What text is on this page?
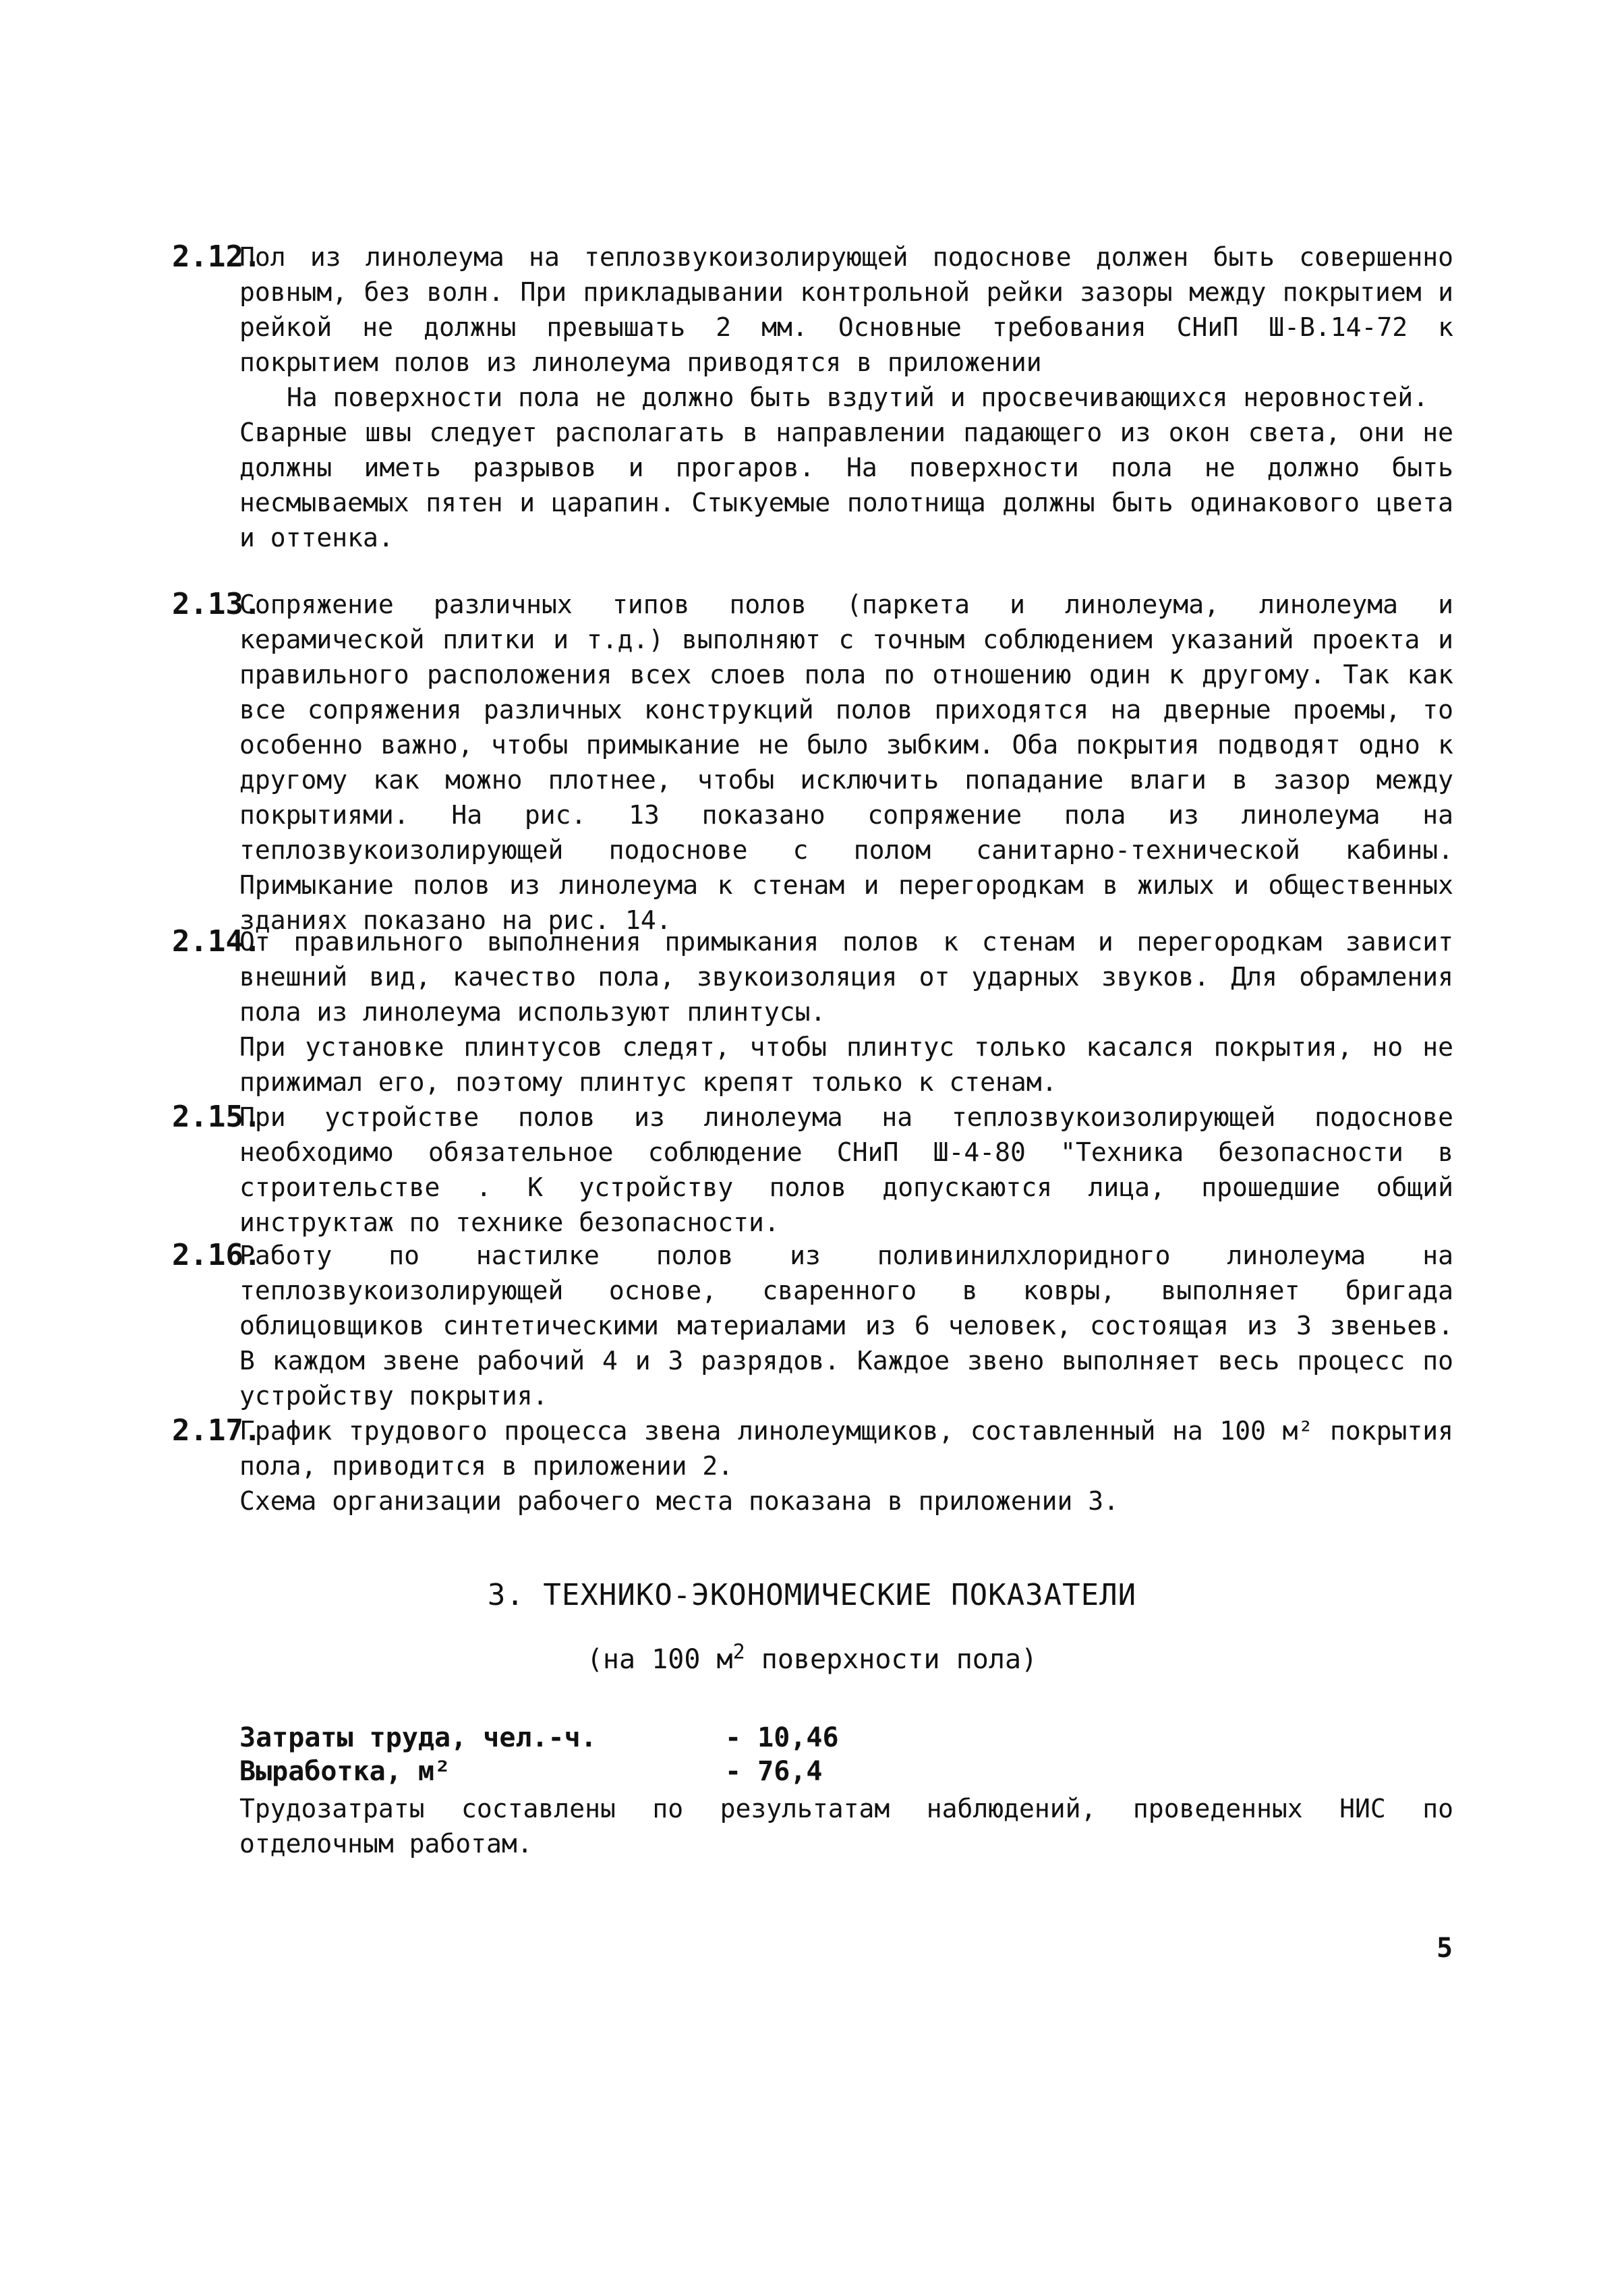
2.12.

Пол из линолеума на теплозвукоизолирующей подоснове должен быть совершенно ровным, без волн. При прикладывании контрольной рейки зазоры между покрытием и рейкой не должны превышать 2 мм. Основные требования СНиП Ш-В.14-72 к покрытием полов из линолеума приводятся в приложении

На поверхности пола не должно быть вздутий и просвечивающихся неровностей.

Сварные швы следует располагать в направлении падающего из окон света, они не должны иметь разрывов и прогаров. На поверхности пола не должно быть несмываемых пятен и царапин. Стыкуемые полотнища должны быть одинакового цвета и оттенка.

2.13.

Сопряжение различных типов полов (паркета и линолеума, линолеума и керамической плитки и т.д.) выполняют с точным соблюдением указаний проекта и правильного расположения всех слоев пола по отношению один к другому. Так как все сопряжения различных конструкций полов приходятся на дверные проемы, то особенно важно, чтобы примыкание не было зыбким. Оба покрытия подводят одно к другому как можно плотнее, чтобы исключить попадание влаги в зазор между покрытиями. На рис. 13 показано сопряжение пола из линолеума на теплозвукоизолирующей подоснове с полом санитарно-технической кабины. Примыкание полов из линолеума к стенам и перегородкам в жилых и общественных зданиях показано на рис. 14.

2.14.

От правильного выполнения примыкания полов к стенам и перегородкам зависит внешний вид, качество пола, звукоизоляция от ударных звуков. Для обрамления пола из линолеума используют плинтусы.

При установке плинтусов следят, чтобы плинтус только касался покрытия, но не прижимал его, поэтому плинтус крепят только к стенам.

2.15.

При устройстве полов из линолеума на теплозвукоизолирующей подоснове необходимо обязательное соблюдение СНиП Ш-4-80 "Техника безопасности в строительстве . К устройству полов допускаются лица, прошедшие общий инструктаж по технике безопасности.

2.16.

Работу по настилке полов из поливинилхлоридного линолеума на теплозвукоизолирующей основе, сваренного в ковры, выполняет бригада облицовщиков синтетическими материалами из 6 человек, состоящая из 3 звеньев. В каждом звене рабочий 4 и 3 разрядов. Каждое звено выполняет весь процесс по устройству покрытия.

2.17.

График трудового процесса звена линолеумщиков, составленный на 100 м² покрытия пола, приводится в приложении 2.

Схема организации рабочего места показана в приложении 3.

3. ТЕХНИКО-ЭКОНОМИЧЕСКИЕ ПОКАЗАТЕЛИ
(на 100 $м^2$ поверхности пола)
Затраты труда, чел.-ч.	- 10,46
Выработка, м²	- 76,4
Трудозатраты составлены по результатам наблюдений, проведенных НИС по отделочным работам.
5
